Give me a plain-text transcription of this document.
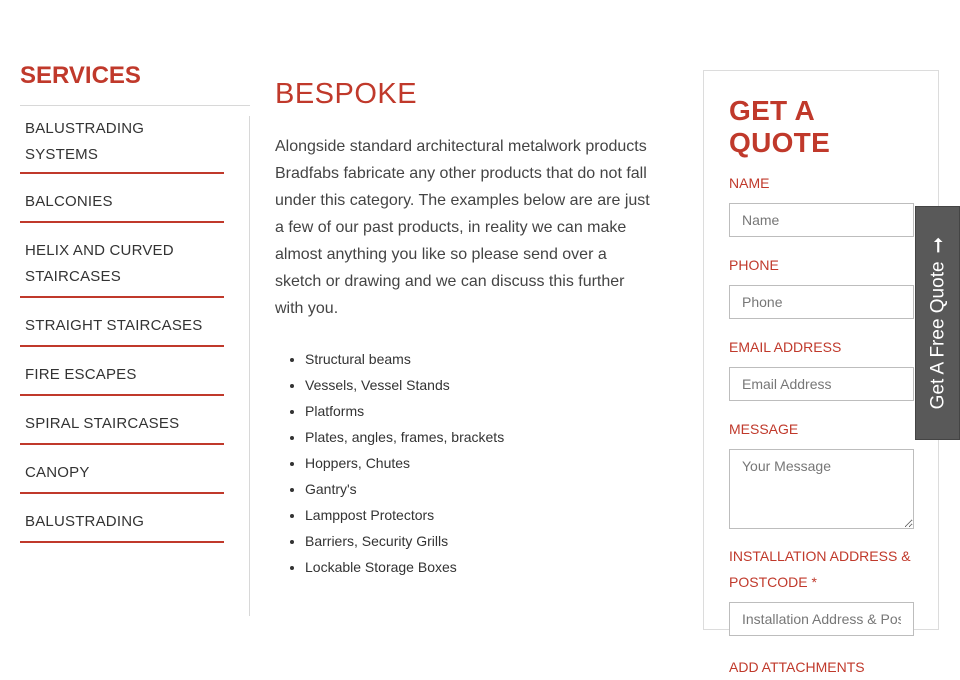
SERVICES
BALUSTRADING SYSTEMS
BALCONIES
HELIX AND CURVED STAIRCASES
STRAIGHT STAIRCASES
FIRE ESCAPES
SPIRAL STAIRCASES
CANOPY
BALUSTRADING
BESPOKE

Alongside standard architectural metalwork products Bradfabs fabricate any other products that do not fall under this category. The examples below are are just a few of our past products, in reality we can make almost anything you like so please send over a sketch or drawing and we can discuss this further with you.

• Structural beams
• Vessels, Vessel Stands
• Platforms
• Plates, angles, frames, brackets
• Hoppers, Chutes
• Gantry's
• Lamppost Protectors
• Barriers, Security Grills
• Lockable Storage Boxes
GET A QUOTE
NAME
Name
PHONE
Phone
EMAIL ADDRESS
Email Address
MESSAGE
Your Message
INSTALLATION ADDRESS & POSTCODE *
Installation Address & Postcode
ADD ATTACHMENTS
Get A Free Quote
➞
